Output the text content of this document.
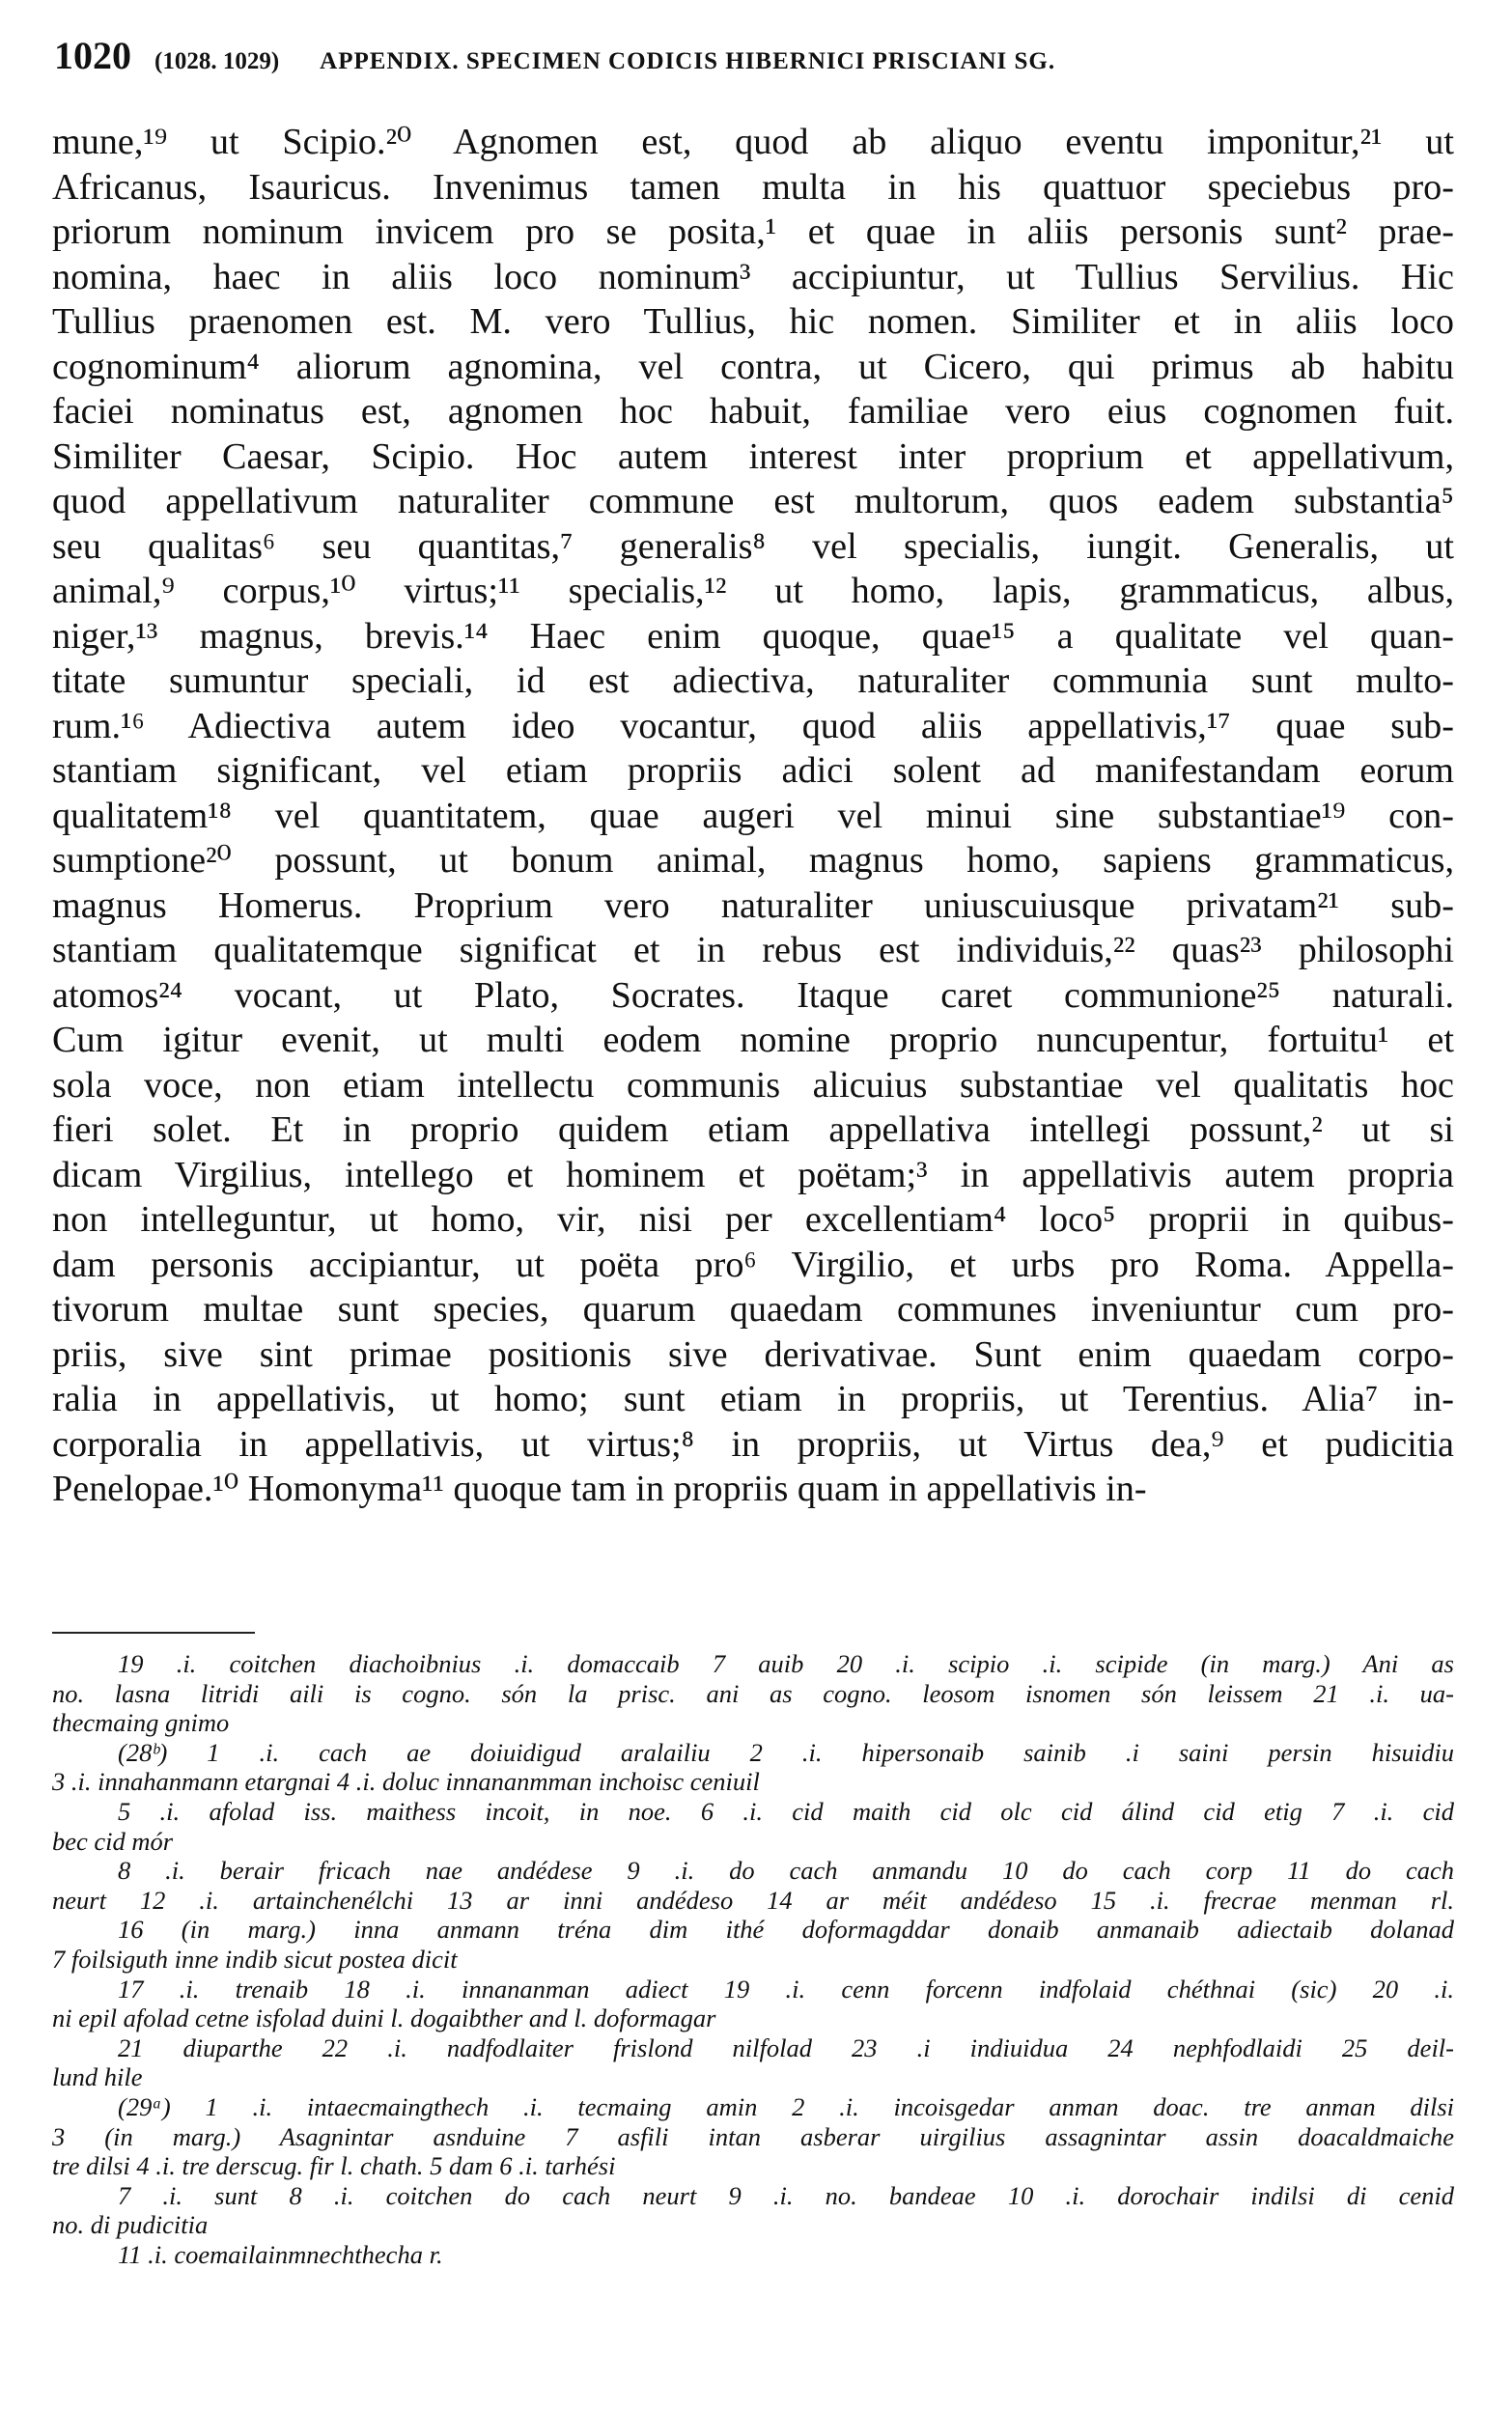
1020 (1028. 1029) APPENDIX. SPECIMEN CODICIS HIBERNICI PRISCIANI SG.
mune,¹⁹ ut Scipio.²⁰ Agnomen est, quod ab aliquo eventu imponitur,²¹ ut
Africanus, Isauricus. Invenimus tamen multa in his quattuor speciebus pro-
priorum nominum invicem pro se posita,¹ et quae in aliis personis sunt² prae-
nomina, haec in aliis loco nominum³ accipiuntur, ut Tullius Servilius. Hic
Tullius praenomen est. M. vero Tullius, hic nomen. Similiter et in aliis loco
cognominum⁴ aliorum agnomina, vel contra, ut Cicero, qui primus ab habitu
faciei nominatus est, agnomen hoc habuit, familiae vero eius cognomen fuit.
Similiter Caesar, Scipio. Hoc autem interest inter proprium et appellativum,
quod appellativum naturaliter commune est multorum, quos eadem substantia⁵
seu qualitas⁶ seu quantitas,⁷ generalis⁸ vel specialis, iungit. Generalis, ut
animal,⁹ corpus,¹⁰ virtus;¹¹ specialis,¹² ut homo, lapis, grammaticus, albus,
niger,¹³ magnus, brevis.¹⁴ Haec enim quoque, quae¹⁵ a qualitate vel quan-
titate sumuntur speciali, id est adiectiva, naturaliter communia sunt multo-
rum.¹⁶ Adiectiva autem ideo vocantur, quod aliis appellativis,¹⁷ quae sub-
stantiam significant, vel etiam propriis adici solent ad manifestandam eorum
qualitatem¹⁸ vel quantitatem, quae augeri vel minui sine substantiae¹⁹ con-
sumptione²⁰ possunt, ut bonum animal, magnus homo, sapiens grammaticus,
magnus Homerus. Proprium vero naturaliter uniuscuiusque privatam²¹ sub-
stantiam qualitatemque significat et in rebus est individuis,²² quas²³ philosophi
atomos²⁴ vocant, ut Plato, Socrates. Itaque caret communione²⁵ naturali.
Cum igitur evenit, ut multi eodem nomine proprio nuncupentur, fortuitu¹ et
sola voce, non etiam intellectu communis alicuius substantiae vel qualitatis hoc
fieri solet. Et in proprio quidem etiam appellativa intellegi possunt,² ut si
dicam Virgilius, intellego et hominem et poëtam;³ in appellativis autem propria
non intelleguntur, ut homo, vir, nisi per excellentiam⁴ loco⁵ proprii in quibus-
dam personis accipiantur, ut poëta pro⁶ Virgilio, et urbs pro Roma. Appella-
tivorum multae sunt species, quarum quaedam communes inveniuntur cum pro-
priis, sive sint primae positionis sive derivativae. Sunt enim quaedam corpo-
ralia in appellativis, ut homo; sunt etiam in propriis, ut Terentius. Alia⁷ in-
corporalia in appellativis, ut virtus;⁸ in propriis, ut Virtus dea,⁹ et pudicitia
Penelopae.¹⁰ Homonyma¹¹ quoque tam in propriis quam in appellativis in-
19 .i. coitchen diachoibnius .i. domaccaib 7 auib 20 .i. scipio .i. scipide (in marg.) Ani as
no. lasna litridi aili is cogno. són la prisc. ani as cogno. leosom isnomen són leissem 21 .i. ua-
thecmaing gnimo
(28ᵇ) 1 .i. cach ae doiuidigud aralailiu 2 .i. hipersonaib sainib .i saini persin hisuidiu
3 .i. innahanmann etargnai 4 .i. doluc innananmman inchoisc ceniuil
5 .i. afolad iss. maithess incoit, in noe. 6 .i. cid maith cid olc cid álind cid etig 7 .i. cid
bec cid mór
8 .i. berair fricach nae andédese 9 .i. do cach anmandu 10 do cach corp 11 do cach
neurt 12 .i. artainchenélchi 13 ar inni andédeso 14 ar méit andédeso 15 .i. frecrae menman rl.
16 (in marg.) inna anmann tréna dim ithé doformagddar donaib anmanaib adiectaib dolanad
7 foilsiguth inne indib sicut postea dicit
17 .i. trenaib 18 .i. innananman adiect 19 .i. cenn forcenn indfolaid chéthnai (sic) 20 .i.
ni epil afolad cetne isfolad duini l. dogaibther and l. doformagar
21 diuparthe 22 .i. nadfodlaiter frislond nilfolad 23 .i indiuidua 24 nephfodlaidi 25 deil-
lund hile
(29ᵃ) 1 .i. intaecmaingthech .i. tecmaing amin 2 .i. incoisgedar anman doac. tre anman dilsi
3 (in marg.) Asagnintar asnduine 7 asfili intan asberar uirgilius assagnintar assin doacaldmaiche
tre dilsi 4 .i. tre derscug. fir l. chath. 5 dam 6 .i. tarhési
7 .i. sunt 8 .i. coitchen do cach neurt 9 .i. no. bandeae 10 .i. dorochair indilsi di cenid
no. di pudicitia
11 .i. coemailainmnechthecha r.
